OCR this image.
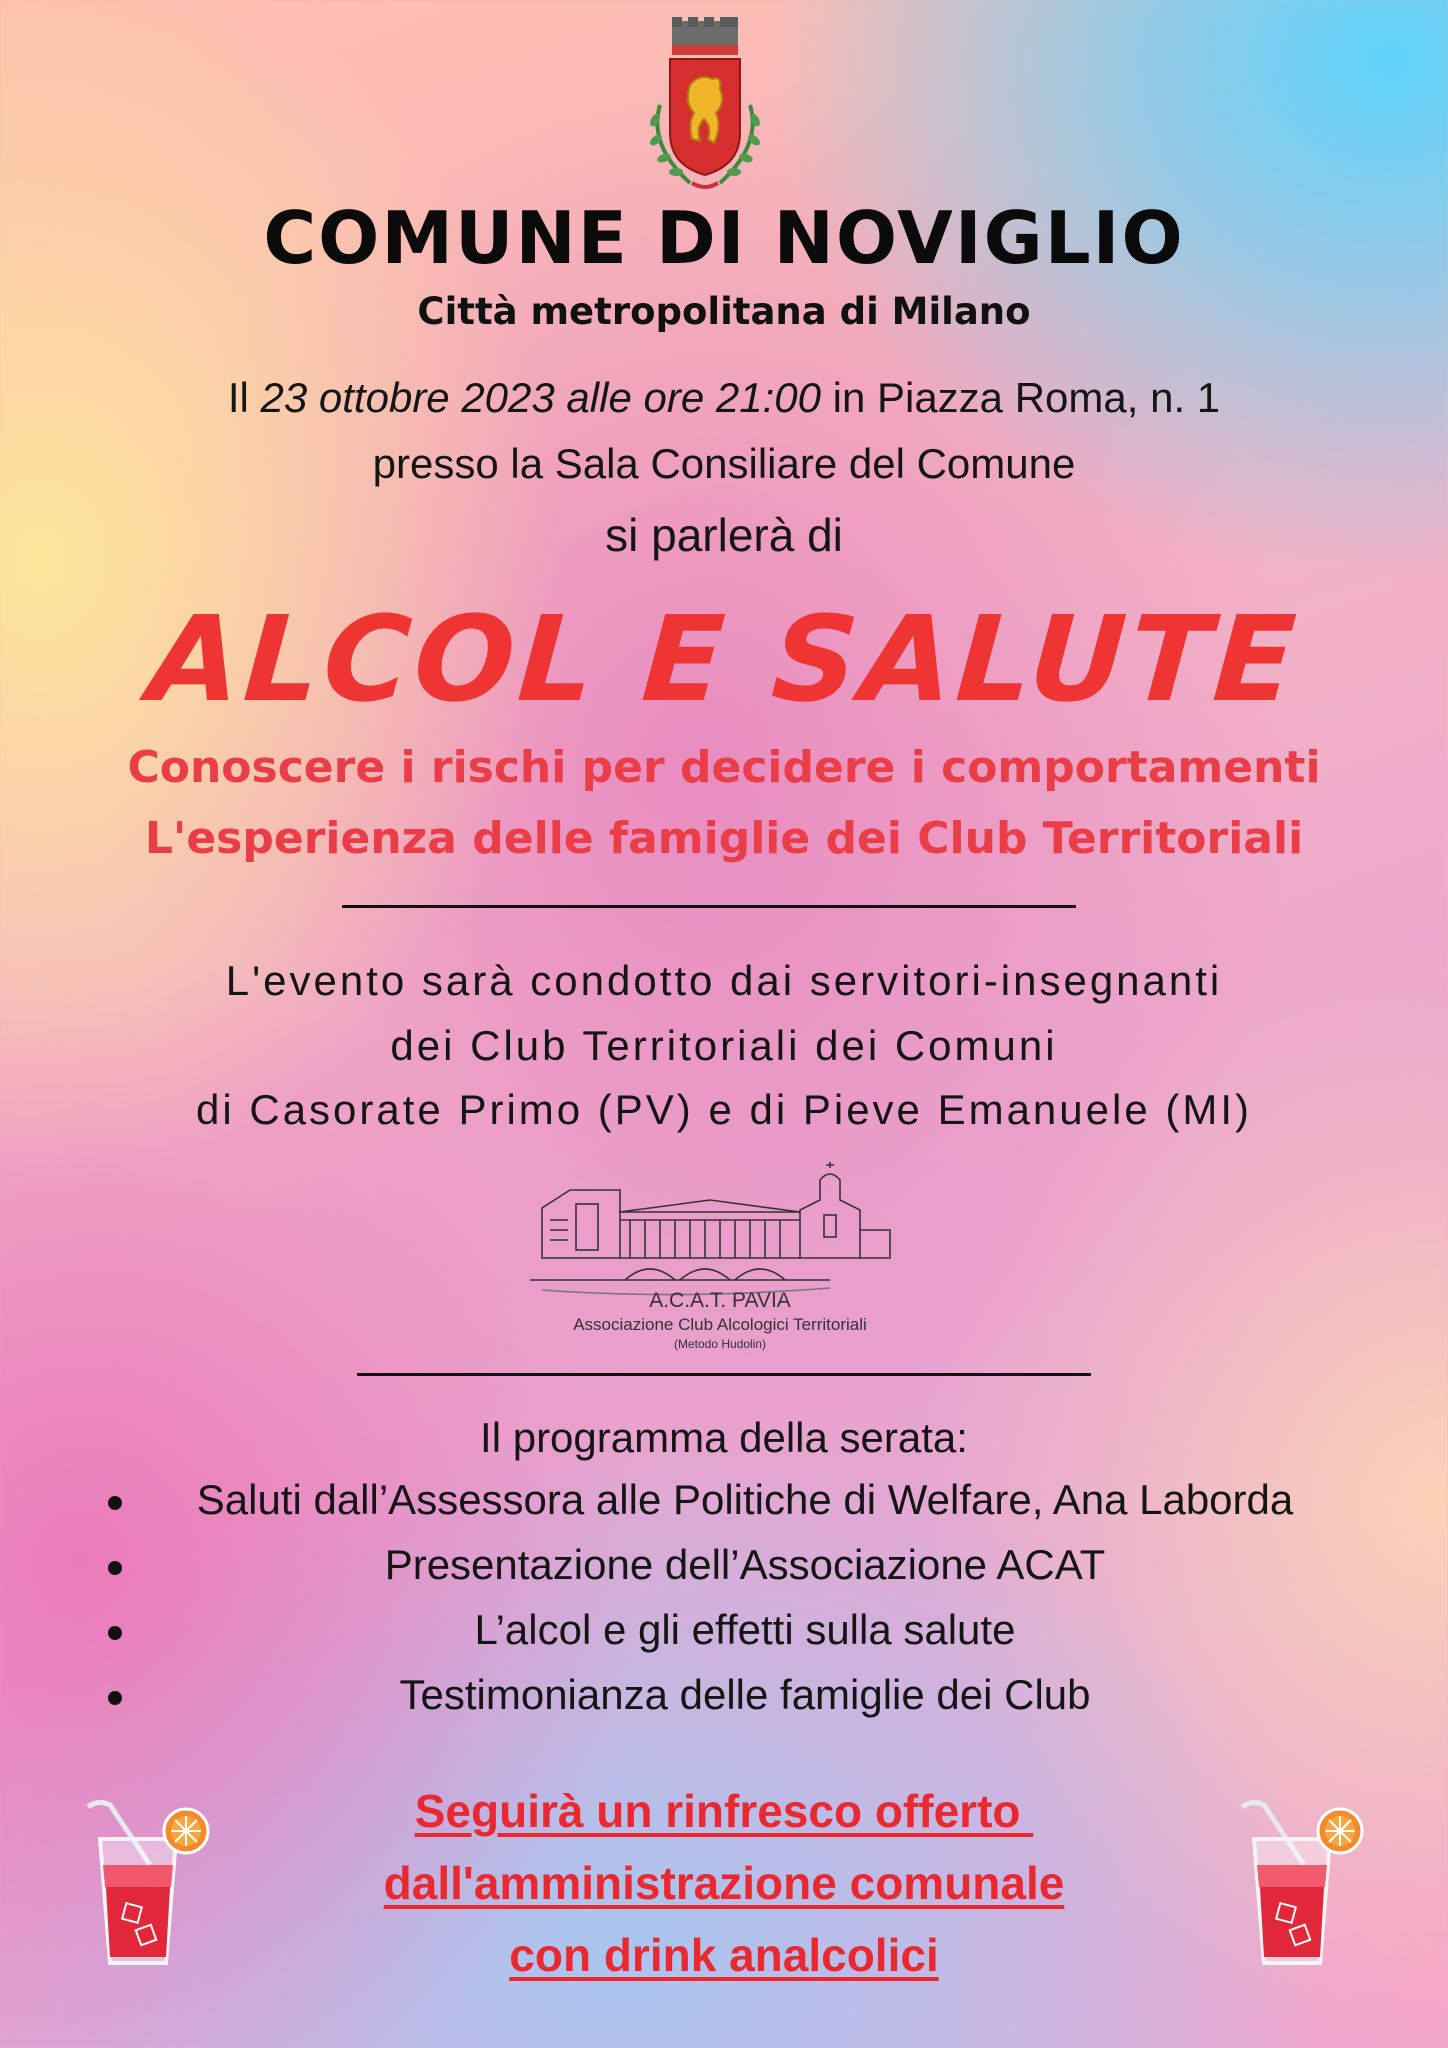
COMUNE DI NOVIGLIO
Città metropolitana di Milano
Il 23 ottobre 2023 alle ore 21:00 in Piazza Roma, n. 1
presso la Sala Consiliare del Comune
si parlerà di
ALCOL E SALUTE
Conoscere i rischi per decidere i comportamenti
L'esperienza delle famiglie dei Club Territoriali
L'evento sarà condotto dai servitori-insegnanti
dei Club Territoriali dei Comuni
di Casorate Primo (PV) e di Pieve Emanuele (MI)
A.C.A.T. PAVIA
Associazione Club Alcologici Territoriali
(Metodo Hudolin)
Il programma della serata:
Saluti dall’Assessora alle Politiche di Welfare, Ana Laborda
Presentazione dell’Associazione ACAT
L’alcol e gli effetti sulla salute
Testimonianza delle famiglie dei Club
Seguirà un rinfresco offerto
dall'amministrazione comunale
con drink analcolici
